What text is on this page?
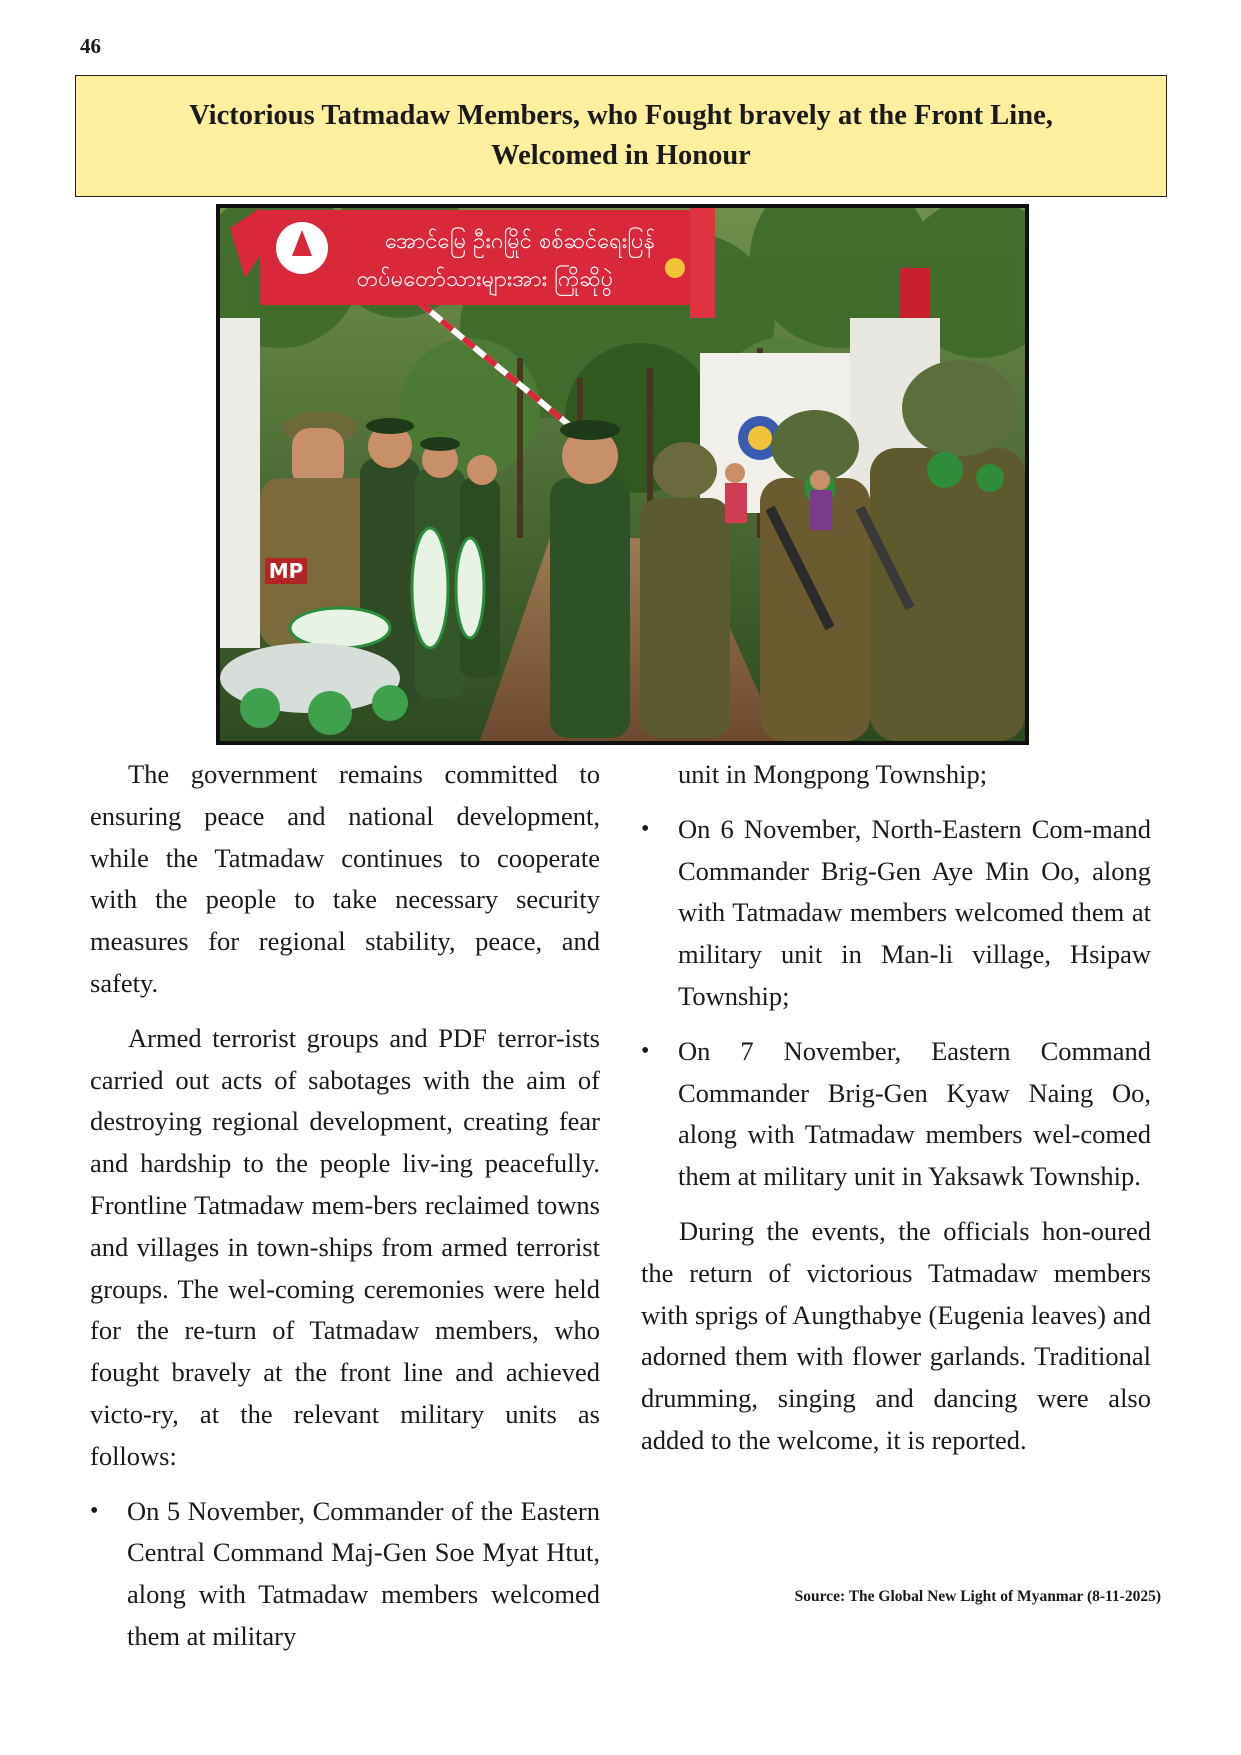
46
Victorious Tatmadaw Members, who Fought bravely at the Front Line,
Welcomed in Honour
အောင်မြေ ဦးဂမြိုင် စစ်ဆင်ရေးပြန်
တပ်မတော်သားများအား ကြိုဆိုပွဲ
MP

The government remains committed to ensuring peace and national development, while the Tatmadaw continues to cooperate with the people to take necessary security measures for regional stability, peace, and safety.

Armed terrorist groups and PDF terror-ists carried out acts of sabotages with the aim of destroying regional development, creating fear and hardship to the people liv-ing peacefully. Frontline Tatmadaw mem-bers reclaimed towns and villages in town-ships from armed terrorist groups. The wel-coming ceremonies were held for the re-turn of Tatmadaw members, who fought bravely at the front line and achieved victo-ry, at the relevant military units as follows:

• On 5 November, Commander of the Eastern Central Command Maj-Gen Soe Myat Htut, along with Tatmadaw members welcomed them at military

unit in Mongpong Township;

• On 6 November, North-Eastern Com-mand Commander Brig-Gen Aye Min Oo, along with Tatmadaw members welcomed them at military unit in Man-li village, Hsipaw Township;
• On 7 November, Eastern Command Commander Brig-Gen Kyaw Naing Oo, along with Tatmadaw members wel-comed them at military unit in Yaksawk Township.

During the events, the officials hon-oured the return of victorious Tatmadaw members with sprigs of Aungthabye (Eugenia leaves) and adorned them with flower garlands. Traditional drumming, singing and dancing were also added to the welcome, it is reported.

Source: The Global New Light of Myanmar (8-11-2025)
